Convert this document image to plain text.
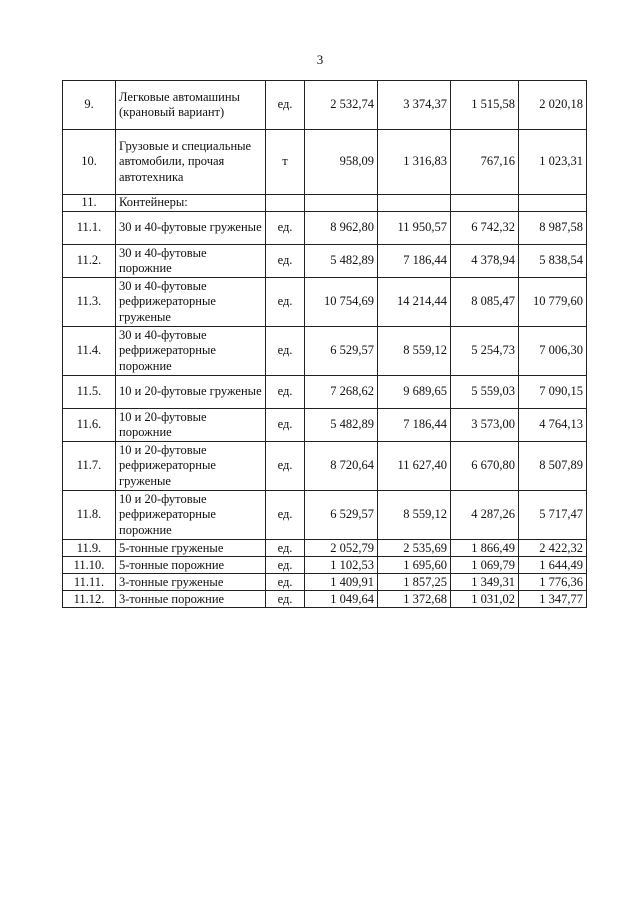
3
9.	Легковые автомашины (крановый вариант)	ед.	2 532,74	3 374,37	1 515,58	2 020,18
10.	Грузовые и специальные автомобили, прочая автотехника	т	958,09	1 316,83	767,16	1 023,31
11.	Контейнеры:					
11.1.	30 и 40-футовые груженые	ед.	8 962,80	11 950,57	6 742,32	8 987,58
11.2.	30 и 40-футовые порожние	ед.	5 482,89	7 186,44	4 378,94	5 838,54
11.3.	30 и 40-футовые рефрижераторные груженые	ед.	10 754,69	14 214,44	8 085,47	10 779,60
11.4.	30 и 40-футовые рефрижераторные порожние	ед.	6 529,57	8 559,12	5 254,73	7 006,30
11.5.	10 и 20-футовые груженые	ед.	7 268,62	9 689,65	5 559,03	7 090,15
11.6.	10 и 20-футовые порожние	ед.	5 482,89	7 186,44	3 573,00	4 764,13
11.7.	10 и 20-футовые рефрижераторные груженые	ед.	8 720,64	11 627,40	6 670,80	8 507,89
11.8.	10 и 20-футовые рефрижераторные порожние	ед.	6 529,57	8 559,12	4 287,26	5 717,47
11.9.	5-тонные груженые	ед.	2 052,79	2 535,69	1 866,49	2 422,32
11.10.	5-тонные порожние	ед.	1 102,53	1 695,60	1 069,79	1 644,49
11.11.	3-тонные груженые	ед.	1 409,91	1 857,25	1 349,31	1 776,36
11.12.	3-тонные порожние	ед.	1 049,64	1 372,68	1 031,02	1 347,77
